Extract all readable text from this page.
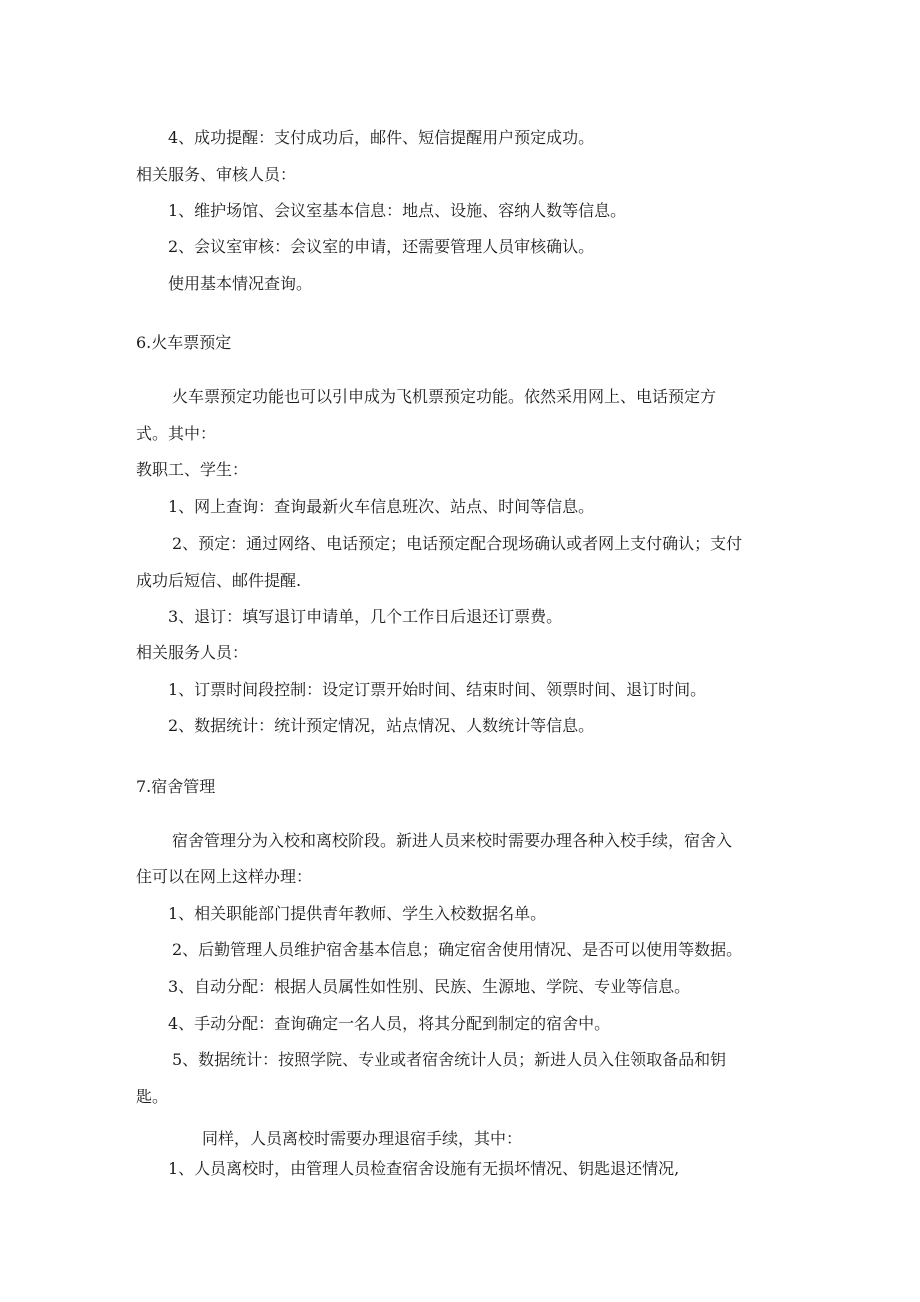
4、成功提醒：支付成功后，邮件、短信提醒用户预定成功。
相关服务、审核人员：
1、维护场馆、会议室基本信息：地点、设施、容纳人数等信息。
2、会议室审核：会议室的申请，还需要管理人员审核确认。
使用基本情况查询。
6.火车票预定
火车票预定功能也可以引申成为飞机票预定功能。依然采用网上、电话预定方
式。其中：
教职工、学生：
1、网上查询：查询最新火车信息班次、站点、时间等信息。
2、预定：通过网络、电话预定；电话预定配合现场确认或者网上支付确认；支付
成功后短信、邮件提醒.
3、退订：填写退订申请单，几个工作日后退还订票费。
相关服务人员：
1、订票时间段控制：设定订票开始时间、结束时间、领票时间、退订时间。
2、数据统计：统计预定情况，站点情况、人数统计等信息。
7.宿舍管理
宿舍管理分为入校和离校阶段。新进人员来校时需要办理各种入校手续，宿舍入
住可以在网上这样办理：
1、相关职能部门提供青年教师、学生入校数据名单。
2、后勤管理人员维护宿舍基本信息；确定宿舍使用情况、是否可以使用等数据。
3、自动分配：根据人员属性如性别、民族、生源地、学院、专业等信息。
4、手动分配：查询确定一名人员，将其分配到制定的宿舍中。
5、数据统计：按照学院、专业或者宿舍统计人员；新进人员入住领取备品和钥
匙。
同样，人员离校时需要办理退宿手续，其中：
1、人员离校时，由管理人员检查宿舍设施有无损坏情况、钥匙退还情况,
